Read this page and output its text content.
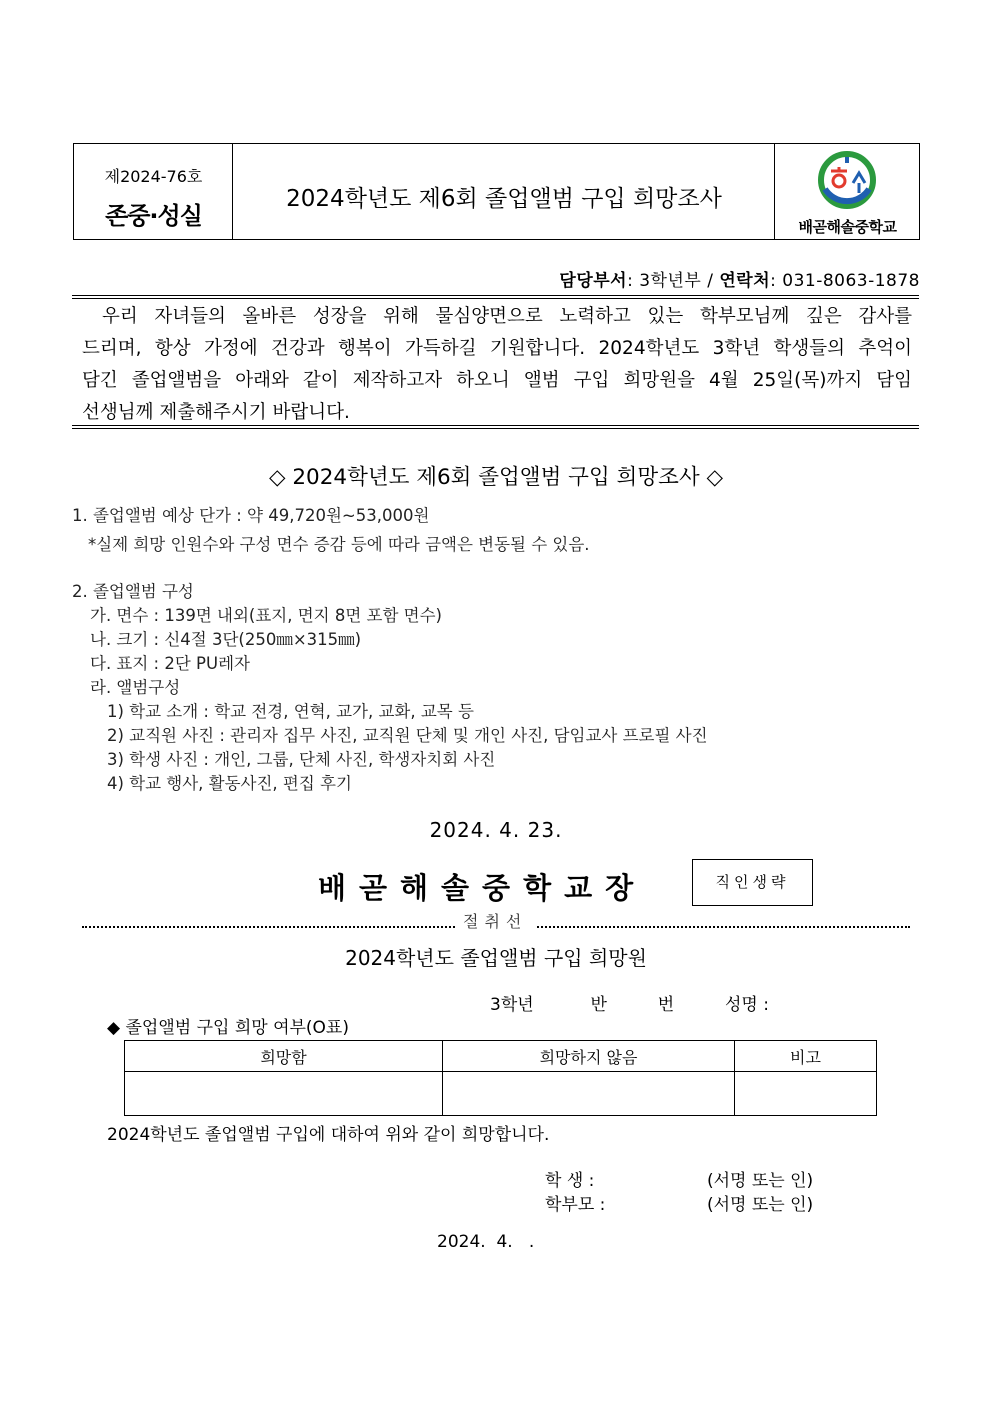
제2024-76호
존중·성실
2024학년도 제6회 졸업앨범 구입 희망조사
배곧해솔중학교
담당부서: 3학년부 / 연락처: 031-8063-1878

우리 자녀들의 올바른 성장을 위해 물심양면으로 노력하고 있는 학부모님께 깊은 감사를

드리며, 항상 가정에 건강과 행복이 가득하길 기원합니다. 2024학년도 3학년 학생들의 추억이

담긴 졸업앨범을 아래와 같이 제작하고자 하오니 앨범 구입 희망원을 4월 25일(목)까지 담임

선생님께 제출해주시기 바랍니다.

◇ 2024학년도 제6회 졸업앨범 구입 희망조사 ◇
1. 졸업앨범 예상 단가 : 약 49,720원~53,000원
*실제 희망 인원수와 구성 면수 증감 등에 따라 금액은 변동될 수 있음.
2. 졸업앨범 구성
가. 면수 : 139면 내외(표지, 면지 8면 포함 면수)
나. 크기 : 신4절 3단(250㎜×315㎜)
다. 표지 : 2단 PU레자
라. 앨범구성
1) 학교 소개 : 학교 전경, 연혁, 교가, 교화, 교목 등
2) 교직원 사진 : 관리자 집무 사진, 교직원 단체 및 개인 사진, 담임교사 프로필 사진
3) 학생 사진 : 개인, 그룹, 단체 사진, 학생자치회 사진
4) 학교 행사, 활동사진, 편집 후기
2024. 4. 23.
배곧해솔중학교장	직인생략
절취선
2024학년도 졸업앨범 구입 희망원
3학년	반	번	성명 :
◆ 졸업앨범 구입 희망 여부(O표)
희망함	희망하지 않음	비고

2024학년도 졸업앨범 구입에 대하여 위와 같이 희망합니다.
학 생 :	(서명 또는 인)
학부모 :	(서명 또는 인)
2024.  4.   .
